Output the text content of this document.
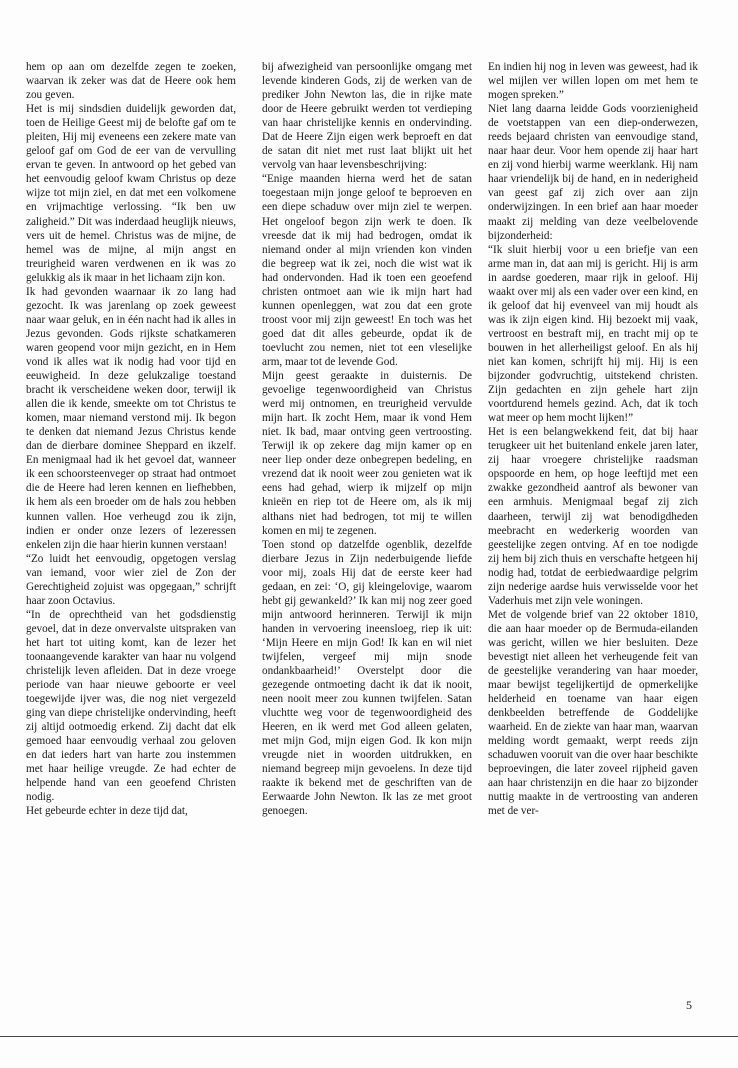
hem op aan om dezelfde zegen te zoeken, waarvan ik zeker was dat de Heere ook hem zou geven.

Het is mij sindsdien duidelijk geworden dat, toen de Heilige Geest mij de belofte gaf om te pleiten, Hij mij eveneens een zekere mate van geloof gaf om God de eer van de vervulling ervan te geven. In antwoord op het gebed van het eenvoudig geloof kwam Christus op deze wijze tot mijn ziel, en dat met een volkomene en vrijmachtige verlossing. “Ik ben uw zaligheid.” Dit was inderdaad heuglijk nieuws, vers uit de hemel. Christus was de mijne, de hemel was de mijne, al mijn angst en treurigheid waren verdwenen en ik was zo gelukkig als ik maar in het lichaam zijn kon.

Ik had gevonden waarnaar ik zo lang had gezocht. Ik was jarenlang op zoek geweest naar waar geluk, en in één nacht had ik alles in Jezus gevonden. Gods rijkste schatkameren waren geopend voor mijn gezicht, en in Hem vond ik alles wat ik nodig had voor tijd en eeuwigheid. In deze gelukzalige toestand bracht ik verscheidene weken door, terwijl ik allen die ik kende, smeekte om tot Christus te komen, maar niemand verstond mij. Ik begon te denken dat niemand Jezus Christus kende dan de dierbare dominee Sheppard en ikzelf. En menigmaal had ik het gevoel dat, wanneer ik een schoorsteenveger op straat had ontmoet die de Heere had leren kennen en liefhebben, ik hem als een broeder om de hals zou hebben kunnen vallen. Hoe verheugd zou ik zijn, indien er onder onze lezers of lezeressen enkelen zijn die haar hierin kunnen verstaan!

“Zo luidt het eenvoudig, opgetogen verslag van iemand, voor wier ziel de Zon der Gerechtigheid zojuist was opgegaan,” schrijft haar zoon Octavius.

“In de oprechtheid van het godsdienstig gevoel, dat in deze onvervalste uitspraken van het hart tot uiting komt, kan de lezer het toonaangevende karakter van haar nu volgend christelijk leven afleiden. Dat in deze vroege periode van haar nieuwe geboorte er veel toegewijde ijver was, die nog niet vergezeld ging van diepe christelijke ondervinding, heeft zij altijd ootmoedig erkend. Zij dacht dat elk gemoed haar eenvoudig verhaal zou geloven en dat ieders hart van harte zou instemmen met haar heilige vreugde. Ze had echter de helpende hand van een geoefend Christen nodig.

Het gebeurde echter in deze tijd dat,

bij afwezigheid van persoonlijke omgang met levende kinderen Gods, zij de werken van de prediker John Newton las, die in rijke mate door de Heere gebruikt werden tot verdieping van haar christelijke kennis en ondervinding. Dat de Heere Zijn eigen werk beproeft en dat de satan dit niet met rust laat blijkt uit het vervolg van haar levensbeschrijving:

“Enige maanden hierna werd het de satan toegestaan mijn jonge geloof te beproeven en een diepe schaduw over mijn ziel te werpen. Het ongeloof begon zijn werk te doen. Ik vreesde dat ik mij had bedrogen, omdat ik niemand onder al mijn vrienden kon vinden die begreep wat ik zei, noch die wist wat ik had ondervonden. Had ik toen een geoefend christen ontmoet aan wie ik mijn hart had kunnen openleggen, wat zou dat een grote troost voor mij zijn geweest! En toch was het goed dat dit alles gebeurde, opdat ik de toevlucht zou nemen, niet tot een vleselijke arm, maar tot de levende God.

Mijn geest geraakte in duisternis. De gevoelige tegenwoordigheid van Christus werd mij ontnomen, en treurigheid vervulde mijn hart. Ik zocht Hem, maar ik vond Hem niet. Ik bad, maar ontving geen vertroosting. Terwijl ik op zekere dag mijn kamer op en neer liep onder deze onbegrepen bedeling, en vrezend dat ik nooit weer zou genieten wat ik eens had gehad, wierp ik mijzelf op mijn knieën en riep tot de Heere om, als ik mij althans niet had bedrogen, tot mij te willen komen en mij te zegenen.

Toen stond op datzelfde ogenblik, dezelfde dierbare Jezus in Zijn nederbuigende liefde voor mij, zoals Hij dat de eerste keer had gedaan, en zei: ‘O, gij kleingelovige, waarom hebt gij gewankeld?’ Ik kan mij nog zeer goed mijn antwoord herinneren. Terwijl ik mijn handen in vervoering ineensloeg, riep ik uit: ‘Mijn Heere en mijn God! Ik kan en wil niet twijfelen, vergeef mij mijn snode ondankbaarheid!’ Overstelpt door die gezegende ontmoeting dacht ik dat ik nooit, neen nooit meer zou kunnen twijfelen. Satan vluchtte weg voor de tegenwoordigheid des Heeren, en ik werd met God alleen gelaten, met mijn God, mijn eigen God. Ik kon mijn vreugde niet in woorden uitdrukken, en niemand begreep mijn gevoelens. In deze tijd raakte ik bekend met de geschriften van de Eerwaarde John Newton. Ik las ze met groot genoegen.

En indien hij nog in leven was geweest, had ik wel mijlen ver willen lopen om met hem te mogen spreken.”

Niet lang daarna leidde Gods voorzienigheid de voetstappen van een diep-onderwezen, reeds bejaard christen van eenvoudige stand, naar haar deur. Voor hem opende zij haar hart en zij vond hierbij warme weerklank. Hij nam haar vriendelijk bij de hand, en in nederigheid van geest gaf zij zich over aan zijn onderwijzingen. In een brief aan haar moeder maakt zij melding van deze veelbelovende bijzonderheid:

“Ik sluit hierbij voor u een briefje van een arme man in, dat aan mij is gericht. Hij is arm in aardse goederen, maar rijk in geloof. Hij waakt over mij als een vader over een kind, en ik geloof dat hij evenveel van mij houdt als was ik zijn eigen kind. Hij bezoekt mij vaak, vertroost en bestraft mij, en tracht mij op te bouwen in het allerheiligst geloof. En als hij niet kan komen, schrijft hij mij. Hij is een bijzonder godvruchtig, uitstekend christen. Zijn gedachten en zijn gehele hart zijn voortdurend hemels gezind. Ach, dat ik toch wat meer op hem mocht lijken!”

Het is een belangwekkend feit, dat bij haar terugkeer uit het buitenland enkele jaren later, zij haar vroegere christelijke raadsman opspoorde en hem, op hoge leeftijd met een zwakke gezondheid aantrof als bewoner van een armhuis. Menigmaal begaf zij zich daarheen, terwijl zij wat benodigdheden meebracht en wederkerig woorden van geestelijke zegen ontving. Af en toe nodigde zij hem bij zich thuis en verschafte hetgeen hij nodig had, totdat de eerbiedwaardige pelgrim zijn nederige aardse huis verwisselde voor het Vaderhuis met zijn vele woningen.

Met de volgende brief van 22 oktober 1810, die aan haar moeder op de Bermuda-eilanden was gericht, willen we hier besluiten. Deze bevestigt niet alleen het verheugende feit van de geestelijke verandering van haar moeder, maar bewijst tegelijkertijd de opmerkelijke helderheid en toename van haar eigen denkbeelden betreffende de Goddelijke waarheid. En de ziekte van haar man, waarvan melding wordt gemaakt, werpt reeds zijn schaduwen vooruit van die over haar beschikte beproevingen, die later zoveel rijpheid gaven aan haar christenzijn en die haar zo bijzonder nuttig maakte in de vertroosting van anderen met de ver-

5
